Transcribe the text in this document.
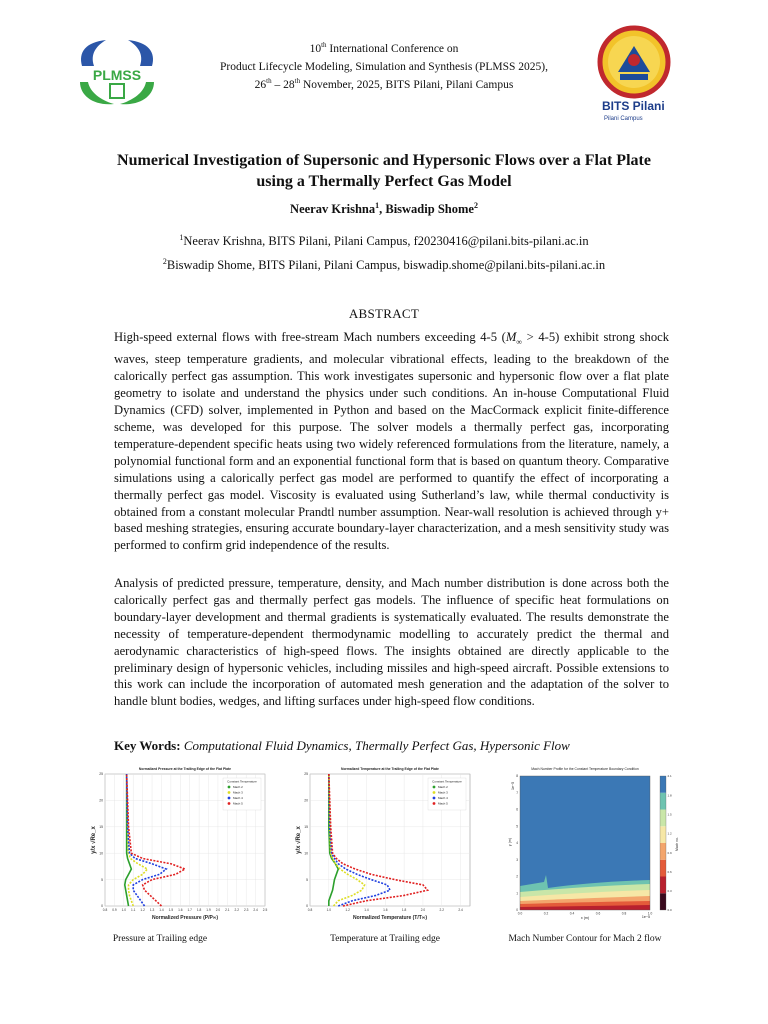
PLMSS
10th International Conference on
Product Lifecycle Modeling, Simulation and Synthesis (PLMSS 2025),
26th – 28th November, 2025, BITS Pilani, Pilani Campus
BITS Pilani
Pilani Campus
Numerical Investigation of Supersonic and Hypersonic Flows over a Flat Plate using a Thermally Perfect Gas Model
Neerav Krishna$^1$, Biswadip Shome$^2$
$^1$Neerav Krishna, BITS Pilani, Pilani Campus, f20230416@pilani.bits-pilani.ac.in
$^2$Biswadip Shome, BITS Pilani, Pilani Campus, biswadip.shome@pilani.bits-pilani.ac.in
ABSTRACT
High-speed external flows with free-stream Mach numbers exceeding 4-5 $(M_\infty > 4-5)$ exhibit strong shock waves, steep temperature gradients, and molecular vibrational effects, leading to the breakdown of the calorically perfect gas assumption. This work investigates supersonic and hypersonic flow over a flat plate geometry to isolate and understand the physics under such conditions. An in-house Computational Fluid Dynamics (CFD) solver, implemented in Python and based on the MacCormack explicit finite-difference scheme, was developed for this purpose. The solver models a thermally perfect gas, incorporating temperature-dependent specific heats using two widely referenced formulations from the literature, namely, a polynomial functional form and an exponential functional form that is based on quantum theory. Comparative simulations using a calorically perfect gas model are performed to quantify the effect of incorporating a thermally perfect gas model. Viscosity is evaluated using Sutherland’s law, while thermal conductivity is obtained from a constant molecular Prandtl number assumption. Near-wall resolution is achieved through y+ based meshing strategies, ensuring accurate boundary-layer characterization, and a mesh sensitivity study was performed to confirm grid independence of the results.
Analysis of predicted pressure, temperature, density, and Mach number distribution is done across both the calorically perfect gas and thermally perfect gas models. The influence of specific heat formulations on boundary-layer development and thermal gradients is systematically evaluated. The results demonstrate the necessity of temperature-dependent thermodynamic modelling to accurately predict the thermal and aerodynamic characteristics of high-speed flows. The insights obtained are directly applicable to the preliminary design of hypersonic vehicles, including missiles and high-speed aircraft. Possible extensions to this work can include the incorporation of automated mesh generation and the adaptation of the solver to handle blunt bodies, wedges, and lifting surfaces under high-speed flow conditions.
Key Words: Computational Fluid Dynamics, Thermally Perfect Gas, Hypersonic Flow
Normalized Pressure at the Trailing Edge of the Flat Plate
0.8 0.9 1.0 1.1 1.2 1.3 1.4 1.5 1.6 1.7 1.8 1.9 2.0 2.1 2.2 2.3 2.4 2.5
0
5
10
15
20
25
Constant Temperature
Mach 2
Mach 3
Mach 4
Mach 5
Normalized Pressure (P/P∞)
y/x √Re_x
Normalized Temperature at the Trailing Edge of the Flat Plate
0.8	1.0	1.2	1.4	1.6	1.8	2.0	2.2	2.4
0
5
10
15
20
25
Constant Temperature
Mach 2
Mach 3
Mach 4
Mach 5
Normalized Temperature (T/T∞)
y/x √Re_x
Mach Number Profile for the Constant Temperature Boundary Condition
0.0	0.2	0.4	0.6	0.8	1.0
0
1
2
3
4
5
6
7
8
0.0
0.3
0.6
0.9
1.2
1.5
1.8
2.1
x (m)
y (m)
1e−5
1e−5
Mach no.
Pressure at Trailing edge	Temperature at Trailing edge	Mach Number Contour for Mach 2 flow
